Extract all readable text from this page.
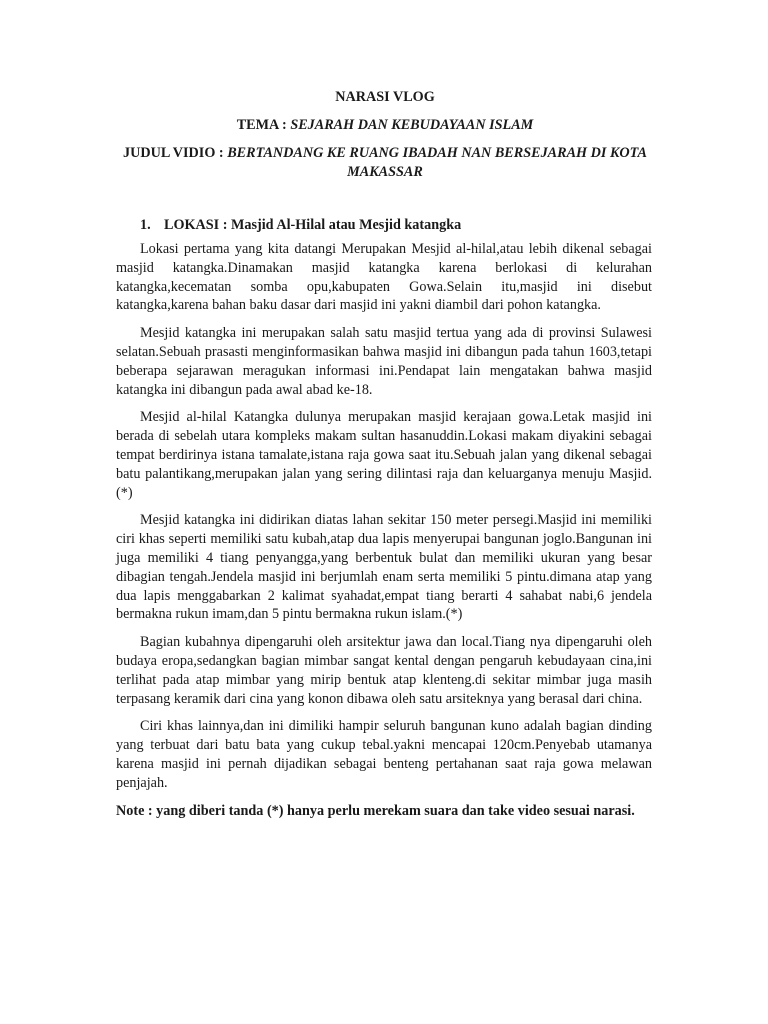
NARASI VLOG

TEMA : SEJARAH DAN KEBUDAYAAN ISLAM

JUDUL VIDIO : BERTANDANG KE RUANG IBADAH NAN BERSEJARAH DI KOTA MAKASSAR

1. LOKASI : Masjid Al-Hilal atau Mesjid katangka

Lokasi pertama yang kita datangi Merupakan Mesjid al-hilal,atau lebih dikenal sebagai masjid katangka.Dinamakan masjid katangka karena berlokasi di kelurahan katangka,kecematan somba opu,kabupaten Gowa.Selain itu,masjid ini disebut katangka,karena bahan baku dasar dari masjid ini yakni diambil dari pohon katangka.

Mesjid katangka ini merupakan salah satu masjid tertua yang ada di provinsi Sulawesi selatan.Sebuah prasasti menginformasikan bahwa masjid ini dibangun pada tahun 1603,tetapi beberapa sejarawan meragukan informasi ini.Pendapat lain mengatakan bahwa masjid katangka ini dibangun pada awal abad ke-18.

Mesjid al-hilal Katangka dulunya merupakan masjid kerajaan gowa.Letak masjid ini berada di sebelah utara kompleks makam sultan hasanuddin.Lokasi makam diyakini sebagai tempat berdirinya istana tamalate,istana raja gowa saat itu.Sebuah jalan yang dikenal sebagai batu palantikang,merupakan jalan yang sering dilintasi raja dan keluarganya menuju Masjid.(*)

Mesjid katangka ini didirikan diatas lahan sekitar 150 meter persegi.Masjid ini memiliki ciri khas seperti memiliki satu kubah,atap dua lapis menyerupai bangunan joglo.Bangunan ini juga memiliki 4 tiang penyangga,yang berbentuk bulat dan memiliki ukuran yang besar dibagian tengah.Jendela masjid ini berjumlah enam serta memiliki 5 pintu.dimana atap yang dua lapis menggabarkan 2 kalimat syahadat,empat tiang berarti 4 sahabat nabi,6 jendela bermakna rukun imam,dan 5 pintu bermakna rukun islam.(*)

Bagian kubahnya dipengaruhi oleh arsitektur jawa dan local.Tiang nya dipengaruhi oleh budaya eropa,sedangkan bagian mimbar sangat kental dengan pengaruh kebudayaan cina,ini terlihat pada atap mimbar yang mirip bentuk atap klenteng.di sekitar mimbar juga masih terpasang keramik dari cina yang konon dibawa oleh satu arsiteknya yang berasal dari china.

Ciri khas lainnya,dan ini dimiliki hampir seluruh bangunan kuno adalah bagian dinding yang terbuat dari batu bata yang cukup tebal.yakni mencapai 120cm.Penyebab utamanya karena masjid ini pernah dijadikan sebagai benteng pertahanan saat raja gowa melawan penjajah.

Note : yang diberi tanda (*) hanya perlu merekam suara dan take video sesuai narasi.
